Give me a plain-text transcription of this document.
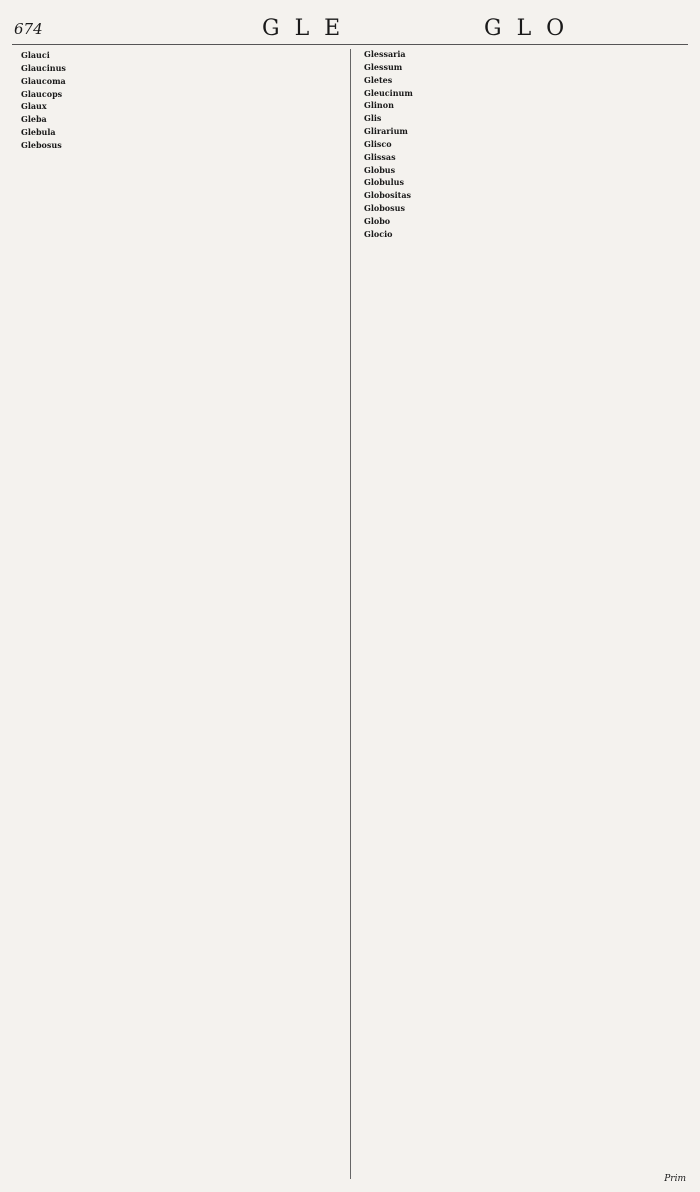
674	G L E	G L O

Glauci

Glaucinus

Glaucoma

Glaucops

Glaux

Gleba

Glebula

Glebosus

Glessaria

Glessum

Gletes

Gleucinum

Glinon

Glis

Glirarium

Glisco

Glissas

Globus

Globulus

Globositas

Globosus

Globo

Glocio

Prim
